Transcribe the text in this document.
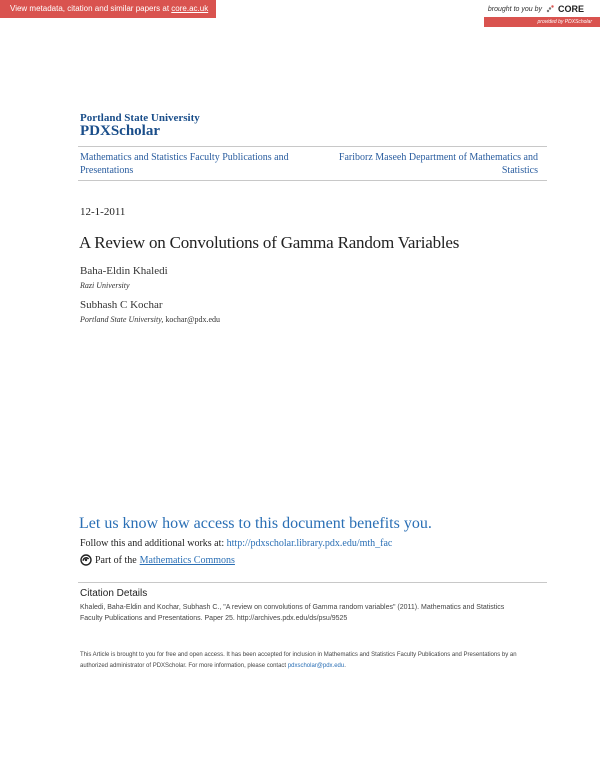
View metadata, citation and similar papers at core.ac.uk	brought to you by CORE
provided by PDXScholar
Portland State University
PDXScholar
Mathematics and Statistics Faculty Publications and Presentations
Fariborz Maseeh Department of Mathematics and Statistics
12-1-2011
A Review on Convolutions of Gamma Random Variables
Baha-Eldin Khaledi
Razi University
Subhash C Kochar
Portland State University, kochar@pdx.edu
Let us know how access to this document benefits you.
Follow this and additional works at: http://pdxscholar.library.pdx.edu/mth_fac
Part of the Mathematics Commons
Citation Details
Khaledi, Baha-Eldin and Kochar, Subhash C., "A review on convolutions of Gamma random variables" (2011). Mathematics and Statistics Faculty Publications and Presentations. Paper 25. http://archives.pdx.edu/ds/psu/9525
This Article is brought to you for free and open access. It has been accepted for inclusion in Mathematics and Statistics Faculty Publications and Presentations by an authorized administrator of PDXScholar. For more information, please contact pdxscholar@pdx.edu.
